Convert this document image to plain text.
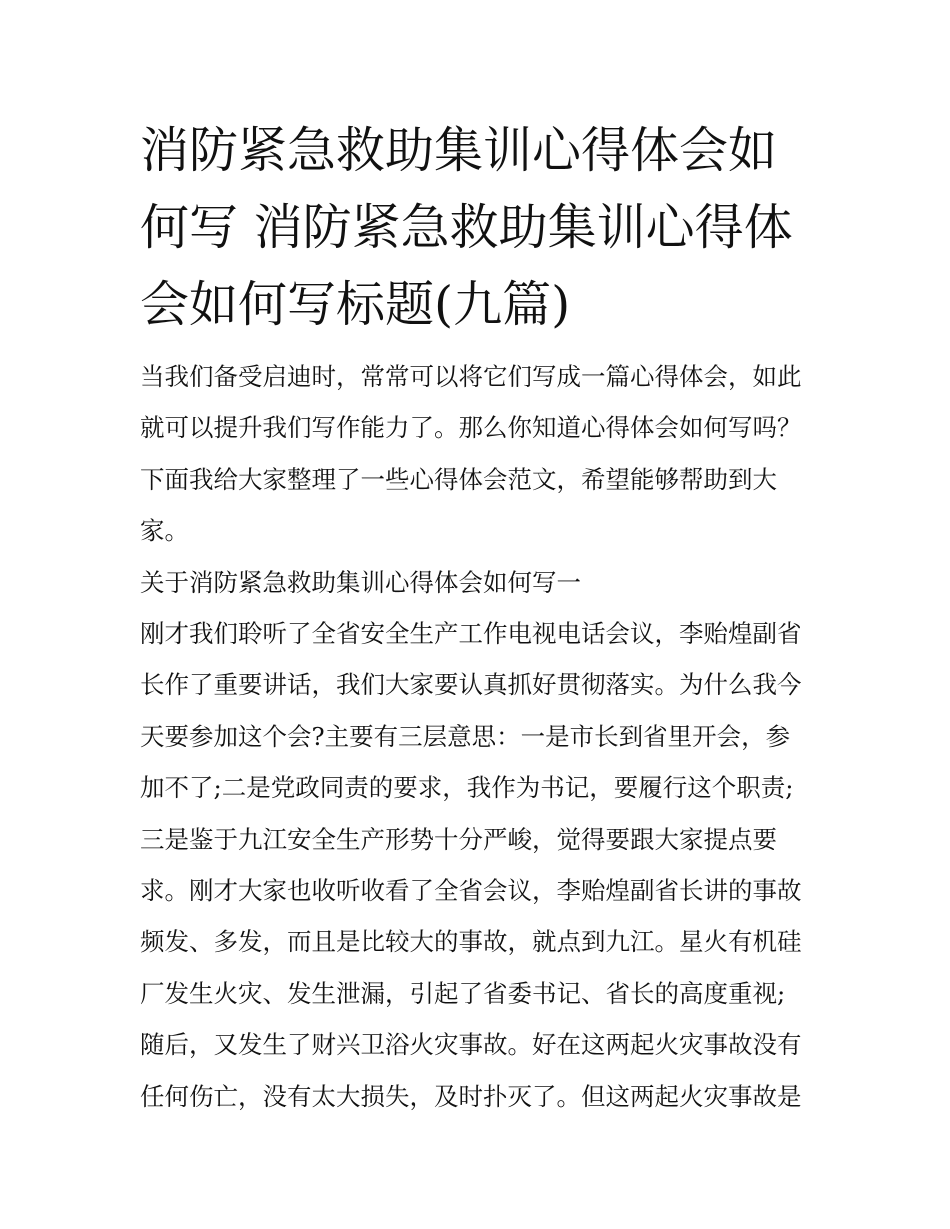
消防紧急救助集训心得体会如
何写 消防紧急救助集训心得体
会如何写标题(九篇)
当我们备受启迪时，常常可以将它们写成一篇心得体会，如此
就可以提升我们写作能力了。那么你知道心得体会如何写吗？
下面我给大家整理了一些心得体会范文，希望能够帮助到大
家。
关于消防紧急救助集训心得体会如何写一
刚才我们聆听了全省安全生产工作电视电话会议，李贻煌副省
长作了重要讲话，我们大家要认真抓好贯彻落实。为什么我今
天要参加这个会?主要有三层意思：一是市长到省里开会，参
加不了;二是党政同责的要求，我作为书记，要履行这个职责;
三是鉴于九江安全生产形势十分严峻，觉得要跟大家提点要
求。刚才大家也收听收看了全省会议，李贻煌副省长讲的事故
频发、多发，而且是比较大的事故，就点到九江。星火有机硅
厂发生火灾、发生泄漏，引起了省委书记、省长的高度重视;
随后，又发生了财兴卫浴火灾事故。好在这两起火灾事故没有
任何伤亡，没有太大损失，及时扑灭了。但这两起火灾事故是
